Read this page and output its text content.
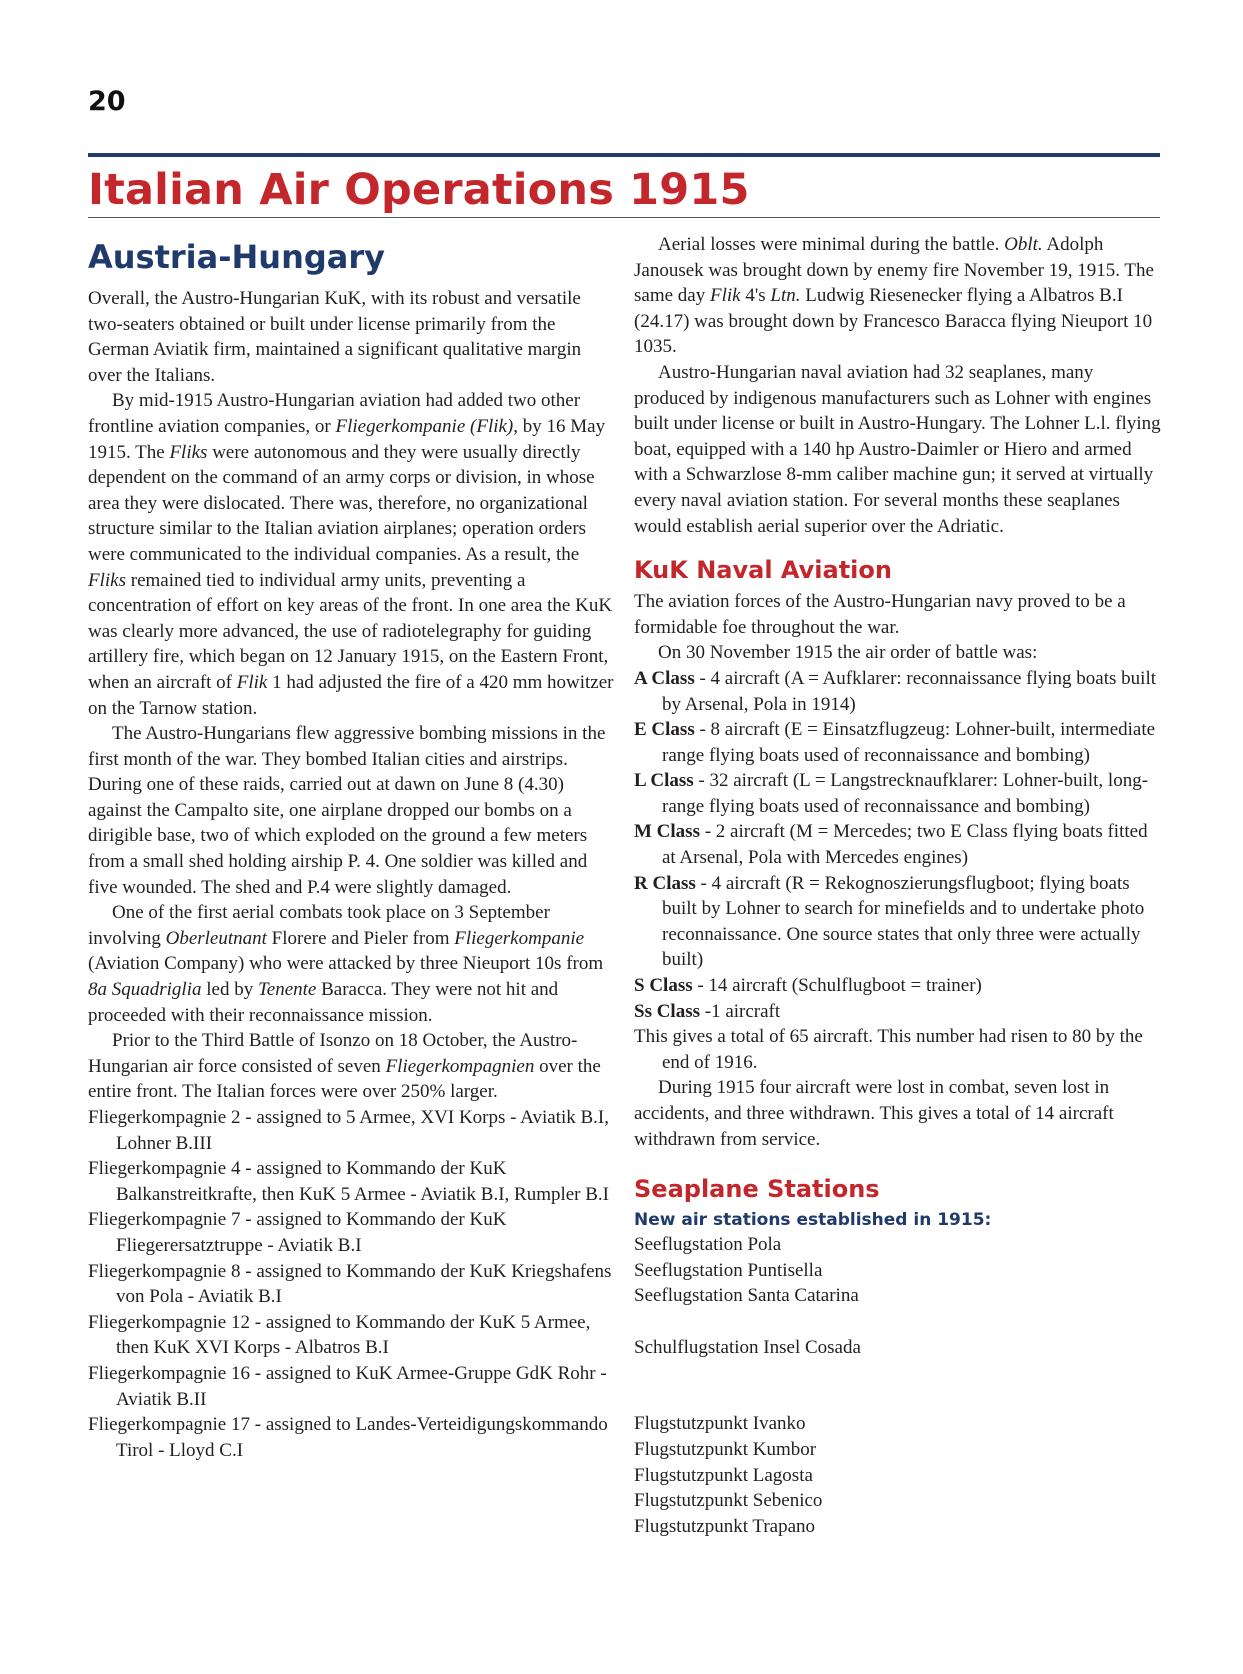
20
Italian Air Operations 1915
Austria-Hungary

Overall, the Austro-Hungarian KuK, with its robust and versatile two-seaters obtained or built under license primarily from the German Aviatik firm, maintained a significant qualitative margin over the Italians.

By mid-1915 Austro-Hungarian aviation had added two other frontline aviation companies, or Fliegerkompanie (Flik), by 16 May 1915. The Fliks were autonomous and they were usually directly dependent on the command of an army corps or division, in whose area they were dislocated. There was, therefore, no organizational structure similar to the Italian aviation airplanes; operation orders were communicated to the individual companies. As a result, the Fliks remained tied to individual army units, preventing a concentration of effort on key areas of the front. In one area the KuK was clearly more advanced, the use of radiotelegraphy for guiding artillery fire, which began on 12 January 1915, on the Eastern Front, when an aircraft of Flik 1 had adjusted the fire of a 420 mm howitzer on the Tarnow station.

The Austro-Hungarians flew aggressive bombing missions in the first month of the war. They bombed Italian cities and airstrips. During one of these raids, carried out at dawn on June 8 (4.30) against the Campalto site, one airplane dropped our bombs on a dirigible base, two of which exploded on the ground a few meters from a small shed holding airship P. 4. One soldier was killed and five wounded. The shed and P.4 were slightly damaged.

One of the first aerial combats took place on 3 September involving Oberleutnant Florere and Pieler from Fliegerkompanie (Aviation Company) who were attacked by three Nieuport 10s from 8a Squadriglia led by Tenente Baracca. They were not hit and proceeded with their reconnaissance mission.

Prior to the Third Battle of Isonzo on 18 October, the Austro-Hungarian air force consisted of seven Fliegerkompagnien over the entire front. The Italian forces were over 250% larger.

Fliegerkompagnie 2 - assigned to 5 Armee, XVI Korps - Aviatik B.I, Lohner B.III

Fliegerkompagnie 4 - assigned to Kommando der KuK Balkanstreitkrafte, then KuK 5 Armee - Aviatik B.I, Rumpler B.I

Fliegerkompagnie 7 - assigned to Kommando der KuK Fliegerersatztruppe - Aviatik B.I

Fliegerkompagnie 8 - assigned to Kommando der KuK Kriegshafens von Pola - Aviatik B.I

Fliegerkompagnie 12 - assigned to Kommando der KuK 5 Armee, then KuK XVI Korps - Albatros B.I

Fliegerkompagnie 16 - assigned to KuK Armee-Gruppe GdK Rohr - Aviatik B.II

Fliegerkompagnie 17 - assigned to Landes-Verteidigungskommando Tirol - Lloyd C.I

Aerial losses were minimal during the battle. Oblt. Adolph Janousek was brought down by enemy fire November 19, 1915. The same day Flik 4's Ltn. Ludwig Riesenecker flying a Albatros B.I (24.17) was brought down by Francesco Baracca flying Nieuport 10 1035.

Austro-Hungarian naval aviation had 32 seaplanes, many produced by indigenous manufacturers such as Lohner with engines built under license or built in Austro-Hungary. The Lohner L.l. flying boat, equipped with a 140 hp Austro-Daimler or Hiero and armed with a Schwarzlose 8-mm caliber machine gun; it served at virtually every naval aviation station. For several months these seaplanes would establish aerial superior over the Adriatic.

KuK Naval Aviation

The aviation forces of the Austro-Hungarian navy proved to be a formidable foe throughout the war.

On 30 November 1915 the air order of battle was:

A Class - 4 aircraft (A = Aufklarer: reconnaissance flying boats built by Arsenal, Pola in 1914)

E Class - 8 aircraft (E = Einsatzflugzeug: Lohner-built, intermediate range flying boats used of reconnaissance and bombing)

L Class - 32 aircraft (L = Langstrecknaufklarer: Lohner-built, long-range flying boats used of reconnaissance and bombing)

M Class - 2 aircraft (M = Mercedes; two E Class flying boats fitted at Arsenal, Pola with Mercedes engines)

R Class - 4 aircraft (R = Rekognoszierungsflugboot; flying boats built by Lohner to search for minefields and to undertake photo reconnaissance. One source states that only three were actually built)

S Class - 14 aircraft (Schulflugboot = trainer)

Ss Class -1 aircraft

This gives a total of 65 aircraft. This number had risen to 80 by the end of 1916.

During 1915 four aircraft were lost in combat, seven lost in accidents, and three withdrawn. This gives a total of 14 aircraft withdrawn from service.

Seaplane Stations
New air stations established in 1915:

Seeflugstation Pola

Seeflugstation Puntisella

Seeflugstation Santa Catarina

Schulflugstation Insel Cosada

Flugstutzpunkt Ivanko

Flugstutzpunkt Kumbor

Flugstutzpunkt Lagosta

Flugstutzpunkt Sebenico

Flugstutzpunkt Trapano
